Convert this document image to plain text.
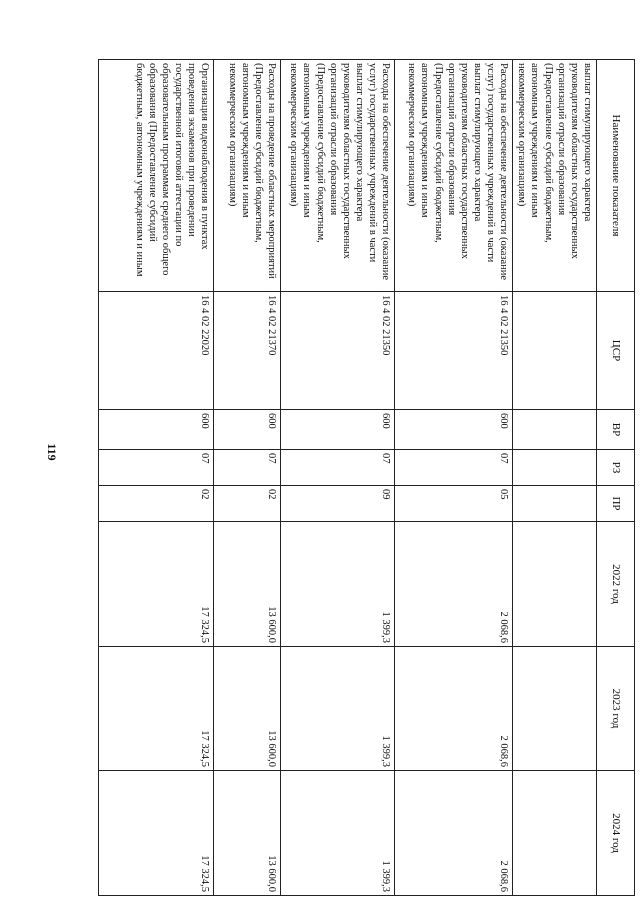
119
Наименование показателя	ЦСР	ВР	РЗ	ПР	2022 год	2023 год	2024 год
выплат стимулирующего характера руководителям областных государственных организаций отрасли образования (Предоставление субсидий бюджетным, автономным учреждениям и иным некоммерческим организациям)							
Расходы на обеспечение деятельности (оказание услуг) государственных учреждений в части выплат стимулирующего характера руководителям областных государственных организаций отрасли образования (Предоставление субсидий бюджетным, автономным учреждениям и иным некоммерческим организациям)	16 4 02 21350	600	07	05	2 068,6	2 068,6	2 068,6
Расходы на обеспечение деятельности (оказание услуг) государственных учреждений в части выплат стимулирующего характера руководителям областных государственных организаций отрасли образования (Предоставление субсидий бюджетным, автономным учреждениям и иным некоммерческим организациям)	16 4 02 21350	600	07	09	1 399,3	1 399,3	1 399,3
Расходы на проведение областных мероприятий (Предоставление субсидий бюджетным, автономным учреждениям и иным некоммерческим организациям)	16 4 02 21370	600	07	02	13 600,0	13 600,0	13 600,0
Организация видеонаблюдения в пунктах проведения экзаменов при проведении государственной итоговой аттестации по образовательным программам среднего общего образования (Предоставление субсидий бюджетным, автономным учреждениям и иным	16 4 02 22020	600	07	02	17 324,5	17 324,5	17 324,5
